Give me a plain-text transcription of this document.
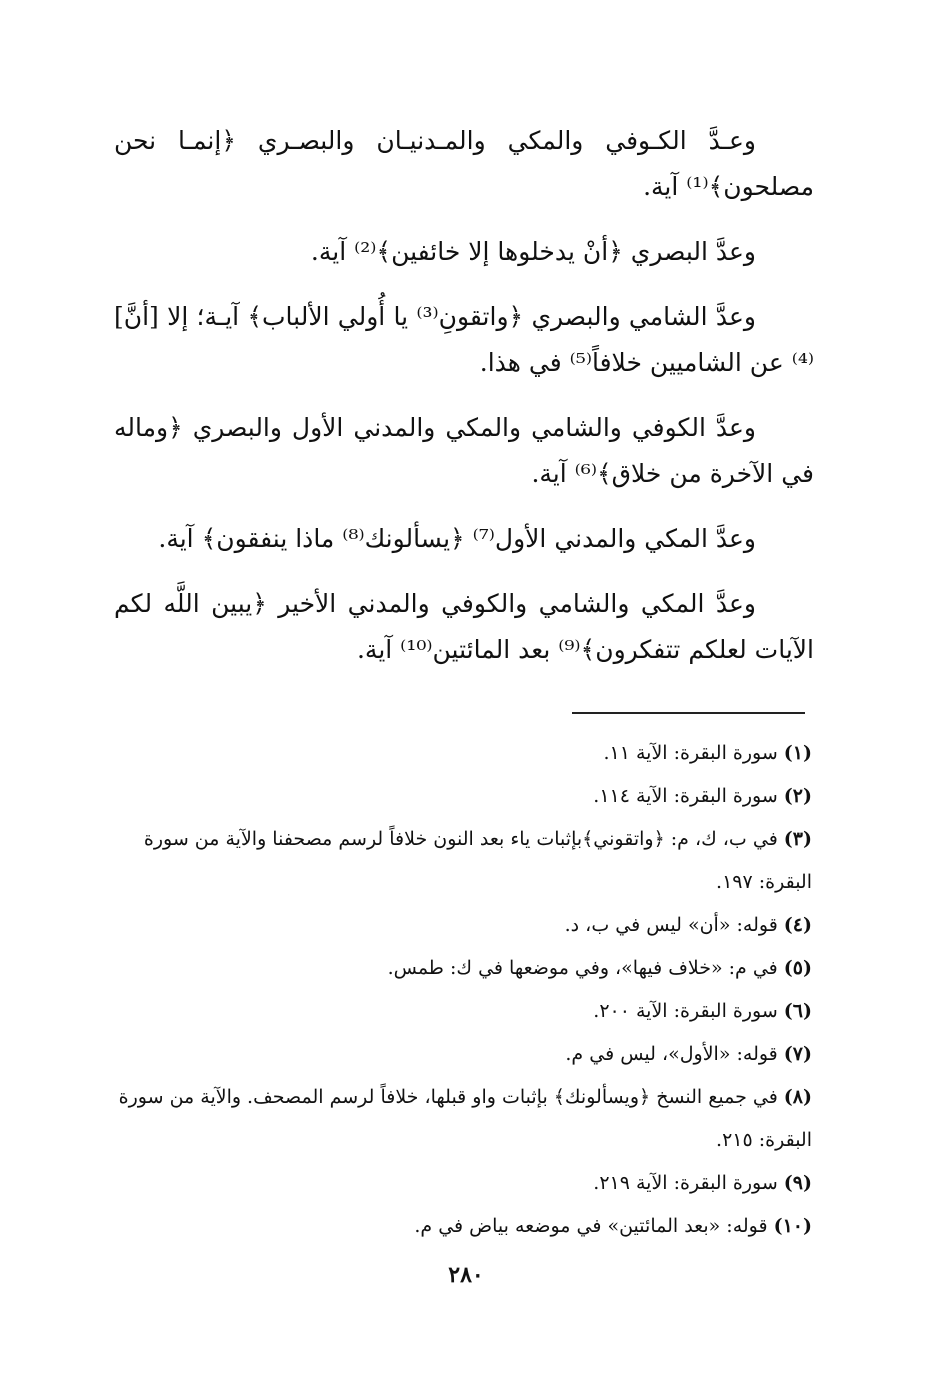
وعـدَّ الكـوفي والمكي والمـدنيـان والبصـري ﴿إنمـا نحن مصلحون﴾⁽¹⁾ آية.

وعدَّ البصري ﴿أنْ يدخلوها إلا خائفين﴾⁽²⁾ آية.

وعدَّ الشامي والبصري ﴿واتقونِ⁽³⁾ يا أُولي الألباب﴾ آيـة؛ إلا [أنَّ]⁽⁴⁾ عن الشاميين خلافاً⁽⁵⁾ في هذا.

وعدَّ الكوفي والشامي والمكي والمدني الأول والبصري ﴿وماله في الآخرة من خلاق﴾⁽⁶⁾ آية.

وعدَّ المكي والمدني الأول⁽⁷⁾ ﴿يسألونك⁽⁸⁾ ماذا ينفقون﴾ آية.

وعدَّ المكي والشامي والكوفي والمدني الأخير ﴿يبين اللَّه لكم الآيات لعلكم تتفكرون﴾⁽⁹⁾ بعد المائتين⁽¹⁰⁾ آية.

(١)سورة البقرة: الآية ١١.

(٢)سورة البقرة: الآية ١١٤.

(٣)في ب، ك، م: ﴿واتقوني﴾بإثبات ياء بعد النون خلافاً لرسم مصحفنا والآية من سورة البقرة: ١٩٧.

(٤)قوله: «أن» ليس في ب، د.

(٥)في م: «خلاف فيها»، وفي موضعها في ك: طمس.

(٦)سورة البقرة: الآية ٢٠٠.

(٧)قوله: «الأول»، ليس في م.

(٨)في جميع النسخ ﴿ويسألونك﴾ بإثبات واو قبلها، خلافاً لرسم المصحف. والآية من سورة البقرة: ٢١٥.

(٩)سورة البقرة: الآية ٢١٩.

(١٠)قوله: «بعد المائتين» في موضعه بياض في م.

٢٨٠
